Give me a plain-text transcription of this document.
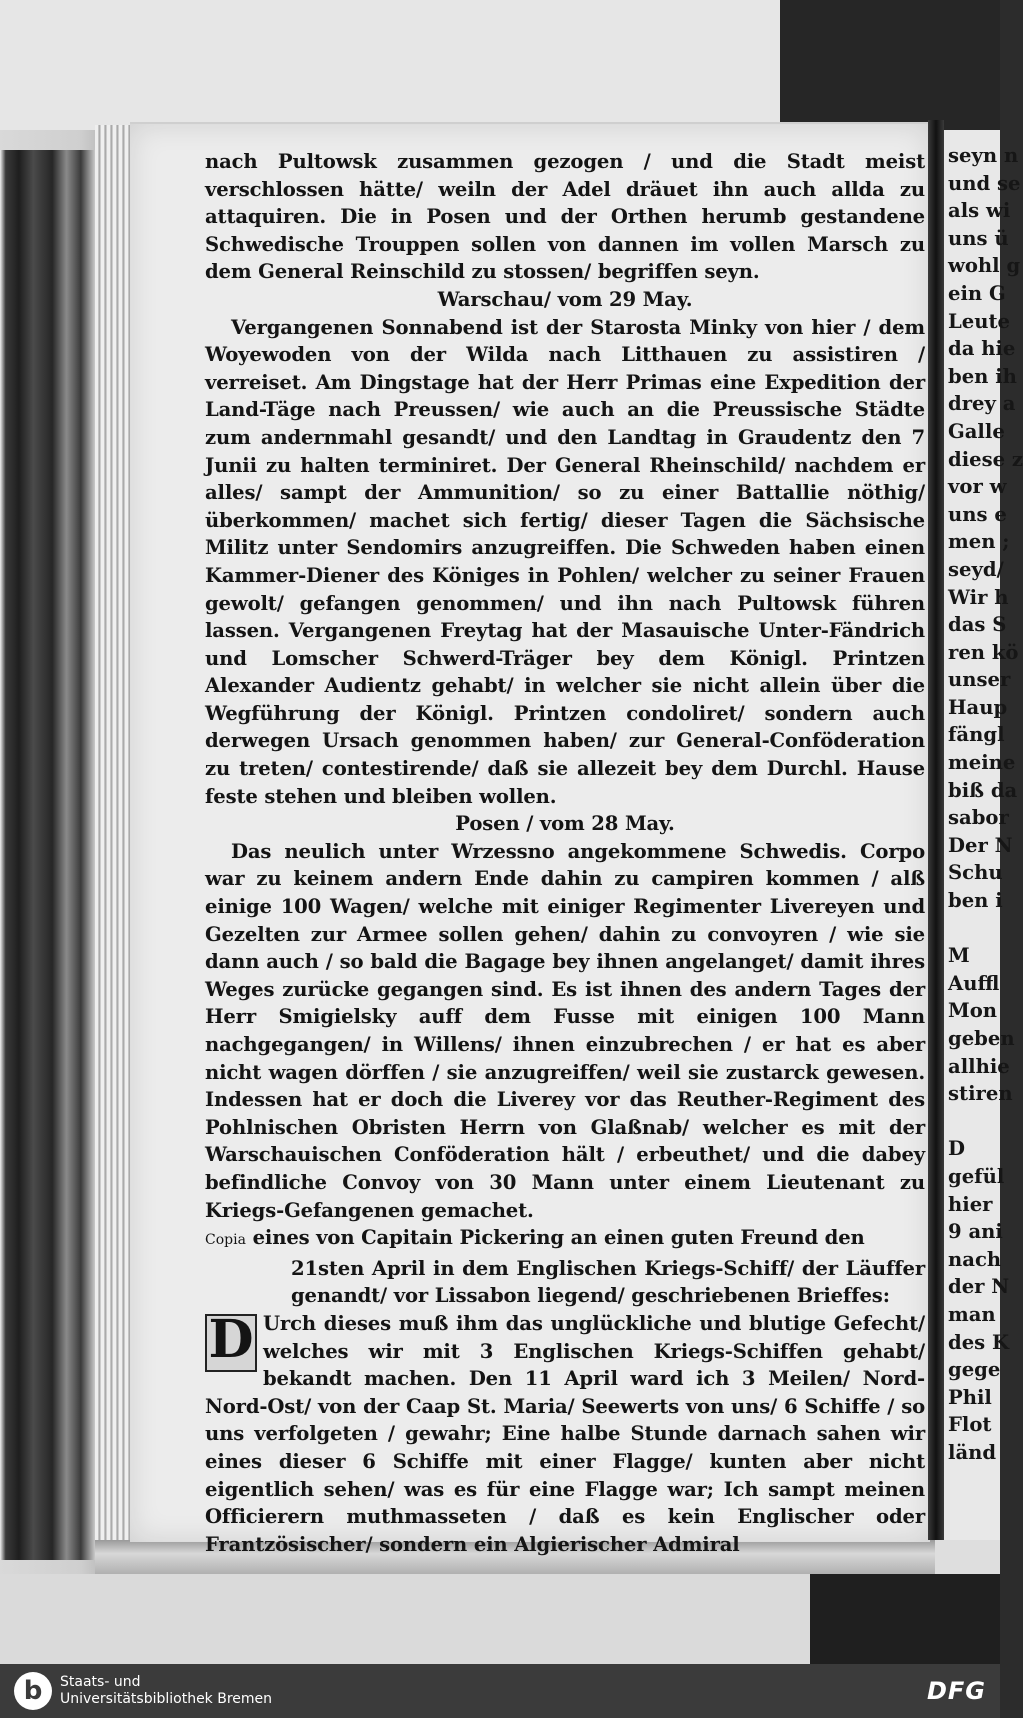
nach Pultowsk zusammen gezogen / und die Stadt meist verschlossen hätte/ weiln der Adel dräuet ihn auch allda zu attaquiren. Die in Posen und der Orthen herumb gestandene Schwedische Trouppen sollen von dannen im vollen Marsch zu dem General Reinschild zu stossen/ begriffen seyn.

Warschau/ vom 29 May.

Vergangenen Sonnabend ist der Starosta Minky von hier / dem Woyewoden von der Wilda nach Litthauen zu assistiren / verreiset. Am Dingstage hat der Herr Primas eine Expedition der Land-Täge nach Preussen/ wie auch an die Preussische Städte zum andernmahl gesandt/ und den Landtag in Graudentz den 7 Junii zu halten terminiret. Der General Rheinschild/ nachdem er alles/ sampt der Ammunition/ so zu einer Battallie nöthig/ überkommen/ machet sich fertig/ dieser Tagen die Sächsische Militz unter Sendomirs anzugreiffen. Die Schweden haben einen Kammer-Diener des Königes in Pohlen/ welcher zu seiner Frauen gewolt/ gefangen genommen/ und ihn nach Pultowsk führen lassen. Vergangenen Freytag hat der Masauische Unter-Fändrich und Lomscher Schwerd-Träger bey dem Königl. Printzen Alexander Audientz gehabt/ in welcher sie nicht allein über die Wegführung der Königl. Printzen condoliret/ sondern auch derwegen Ursach genommen haben/ zur General-Conföderation zu treten/ contestirende/ daß sie allezeit bey dem Durchl. Hause feste stehen und bleiben wollen.

Posen / vom 28 May.

Das neulich unter Wrzessno angekommene Schwedis. Corpo war zu keinem andern Ende dahin zu campiren kommen / alß einige 100 Wagen/ welche mit einiger Regimenter Livereyen und Gezelten zur Armee sollen gehen/ dahin zu convoyren / wie sie dann auch / so bald die Bagage bey ihnen angelanget/ damit ihres Weges zurücke gegangen sind. Es ist ihnen des andern Tages der Herr Smigielsky auff dem Fusse mit einigen 100 Mann nachgegangen/ in Willens/ ihnen einzubrechen / er hat es aber nicht wagen dörffen / sie anzugreiffen/ weil sie zustarck gewesen. Indessen hat er doch die Liverey vor das Reuther-Regiment des Pohlnischen Obristen Herrn von Glaßnab/ welcher es mit der Warschauischen Conföderation hält / erbeuthet/ und die dabey befindliche Convoy von 30 Mann unter einem Lieutenant zu Kriegs-Gefangenen gemachet.

Copia eines von Capitain Pickering an einen guten Freund den

21sten April in dem Englischen Kriegs-Schiff/ der Läuffer genandt/ vor Lissabon liegend/ geschriebenen Brieffes:

D Urch dieses muß ihm das unglückliche und blutige Gefecht/ welches wir mit 3 Englischen Kriegs-Schiffen gehabt/ bekandt machen. Den 11 April ward ich 3 Meilen/ Nord-Nord-Ost/ von der Caap St. Maria/ Seewerts von uns/ 6 Schiffe / so uns verfolgeten / gewahr; Eine halbe Stunde darnach sahen wir eines dieser 6 Schiffe mit einer Flagge/ kunten aber nicht eigentlich sehen/ was es für eine Flagge war; Ich sampt meinen Officierern muthmasseten / daß es kein Englischer oder Frantzösischer/ sondern ein Algierischer Admiral

seyn n

und se

als wi

uns ü

wohl g

ein G

Leute

da hie

ben ih

drey a

Galle

diese z

vor w

uns e

men ;

seyd/

Wir h

das S

ren kö

unser

Haup

fängl

meine

biß da

sabor

Der N

Schu

ben i

M

Auffl

Mon

geben

allhie

stiren

D

gefül

hier

9 ani

nach

der N

man

des K

gege

Phil

Flot

länd

b	Staats- und
Universitätsbibliothek Bremen	DFG
